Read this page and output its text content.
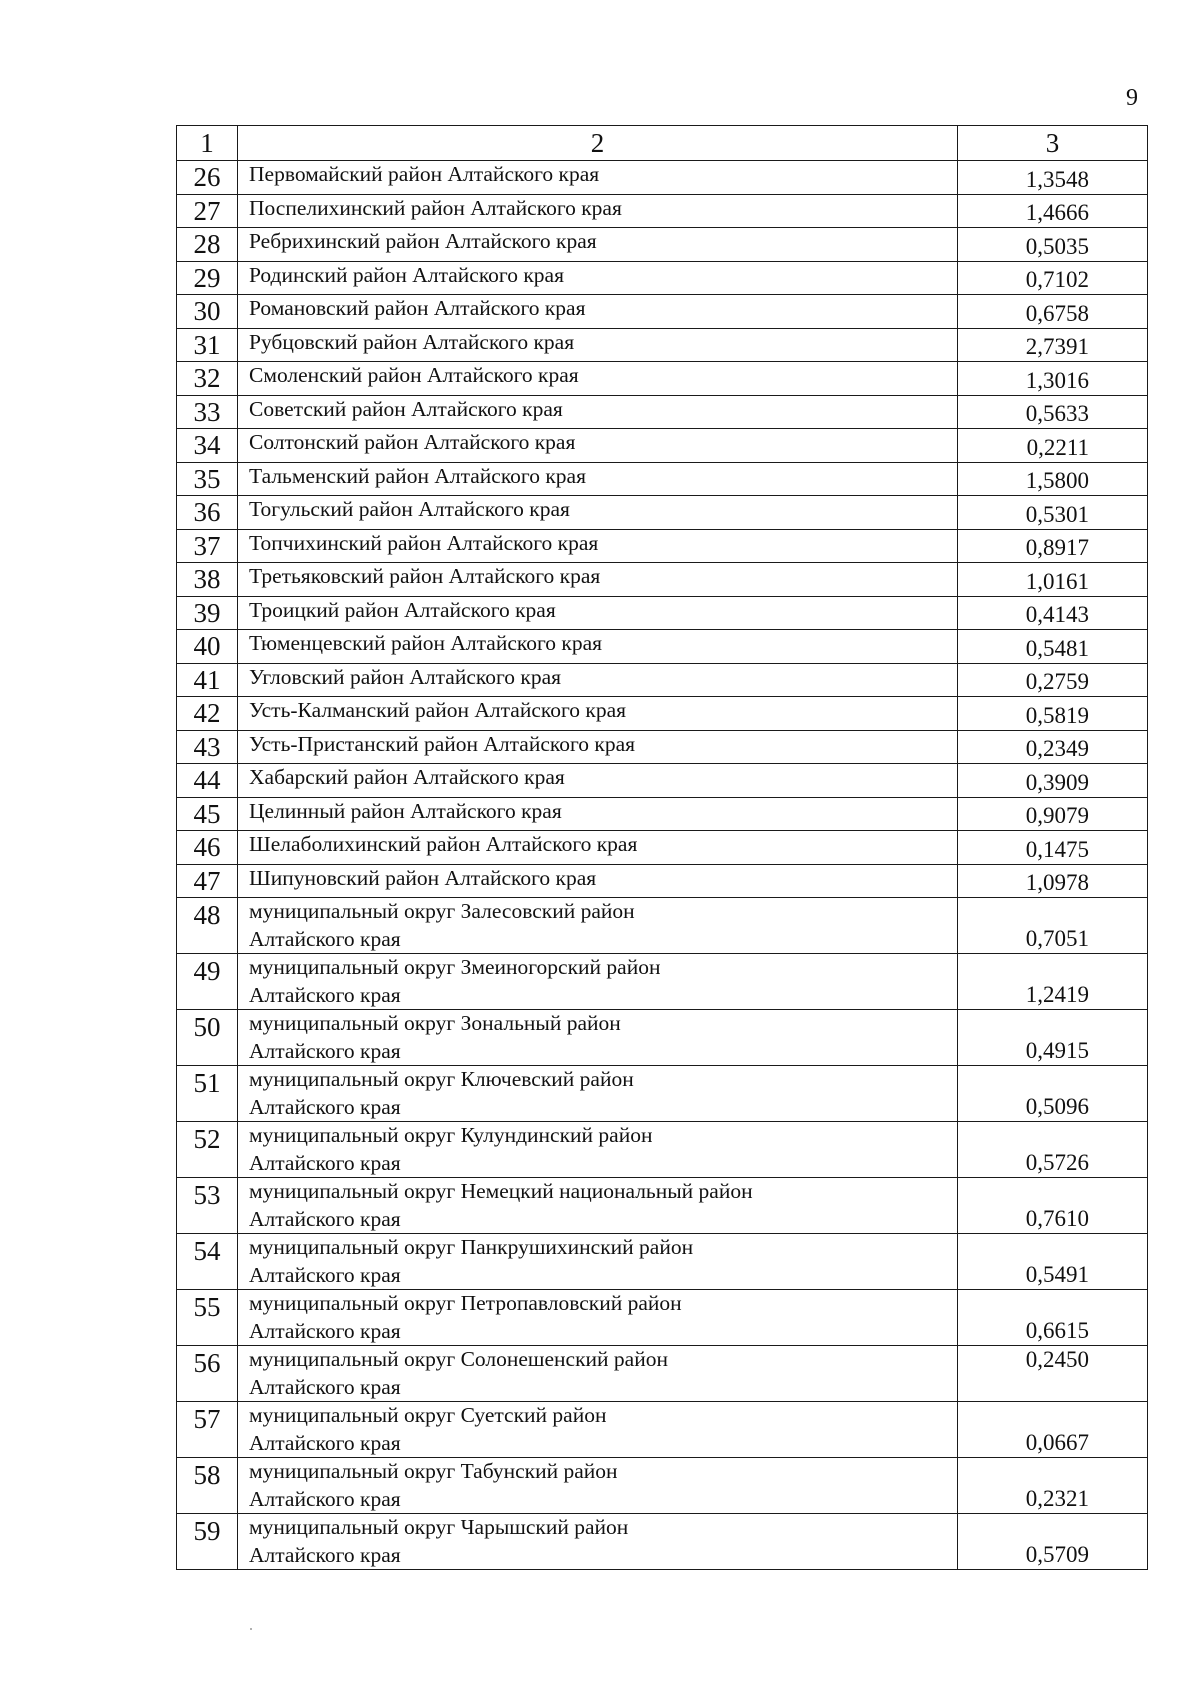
9
1	2	3
26	Первомайский район Алтайского края	1,3548
27	Поспелихинский район Алтайского края	1,4666
28	Ребрихинский район Алтайского края	0,5035
29	Родинский район Алтайского края	0,7102
30	Романовский район Алтайского края	0,6758
31	Рубцовский район Алтайского края	2,7391
32	Смоленский район Алтайского края	1,3016
33	Советский район Алтайского края	0,5633
34	Солтонский район Алтайского края	0,2211
35	Тальменский район Алтайского края	1,5800
36	Тогульский район Алтайского края	0,5301
37	Топчихинский район Алтайского края	0,8917
38	Третьяковский район Алтайского края	1,0161
39	Троицкий район Алтайского края	0,4143
40	Тюменцевский район Алтайского края	0,5481
41	Угловский район Алтайского края	0,2759
42	Усть-Калманский район Алтайского края	0,5819
43	Усть-Пристанский район Алтайского края	0,2349
44	Хабарский район Алтайского края	0,3909
45	Целинный район Алтайского края	0,9079
46	Шелаболихинский район Алтайского края	0,1475
47	Шипуновский район Алтайского края	1,0978
48	муниципальный округ Залесовский район
Алтайского края	0,7051
49	муниципальный округ Змеиногорский район
Алтайского края	1,2419
50	муниципальный округ Зональный район
Алтайского края	0,4915
51	муниципальный округ Ключевский район
Алтайского края	0,5096
52	муниципальный округ Кулундинский район
Алтайского края	0,5726
53	муниципальный округ Немецкий национальный район
Алтайского края	0,7610
54	муниципальный округ Панкрушихинский район
Алтайского края	0,5491
55	муниципальный округ Петропавловский район
Алтайского края	0,6615
56	муниципальный округ Солонешенский район
Алтайского края	0,2450
57	муниципальный округ Суетский район
Алтайского края	0,0667
58	муниципальный округ Табунский район
Алтайского края	0,2321
59	муниципальный округ Чарышский район
Алтайского края	0,5709
